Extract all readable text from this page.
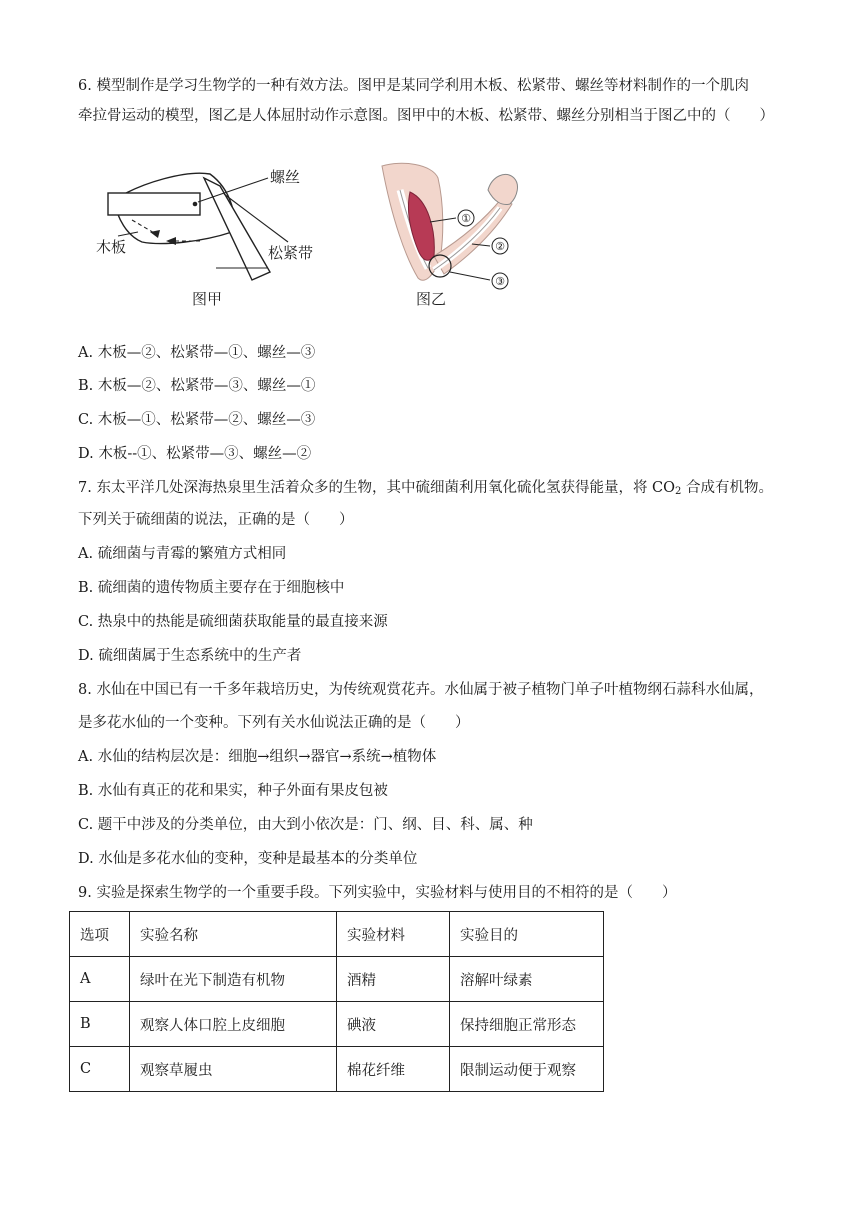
6. 模型制作是学习生物学的一种有效方法。图甲是某同学利用木板、松紧带、螺丝等材料制作的一个肌肉
牵拉骨运动的模型，图乙是人体屈肘动作示意图。图甲中的木板、松紧带、螺丝分别相当于图乙中的（　　）
螺丝
木板	松紧带
图甲
①
②
③
图乙
A. 木板—②、松紧带—①、螺丝—③
B. 木板—②、松紧带—③、螺丝—①
C. 木板—①、松紧带—②、螺丝—③
D. 木板--①、松紧带—③、螺丝—②
7. 东太平洋几处深海热泉里生活着众多的生物，其中硫细菌利用氧化硫化氢获得能量，将 $CO_2$ 合成有机物。
下列关于硫细菌的说法，正确的是（　　）
A. 硫细菌与青霉的繁殖方式相同
B. 硫细菌的遗传物质主要存在于细胞核中
C. 热泉中的热能是硫细菌获取能量的最直接来源
D. 硫细菌属于生态系统中的生产者
8. 水仙在中国已有一千多年栽培历史，为传统观赏花卉。水仙属于被子植物门单子叶植物纲石蒜科水仙属，
是多花水仙的一个变种。下列有关水仙说法正确的是（　　）
A. 水仙的结构层次是：细胞→组织→器官→系统→植物体
B. 水仙有真正的花和果实，种子外面有果皮包被
C. 题干中涉及的分类单位，由大到小依次是：门、纲、目、科、属、种
D. 水仙是多花水仙的变种，变种是最基本的分类单位
9. 实验是探索生物学的一个重要手段。下列实验中，实验材料与使用目的不相符的是（　　）
选项	实验名称	实验材料	实验目的
A	绿叶在光下制造有机物	酒精	溶解叶绿素
B	观察人体口腔上皮细胞	碘液	保持细胞正常形态
C	观察草履虫	棉花纤维	限制运动便于观察
